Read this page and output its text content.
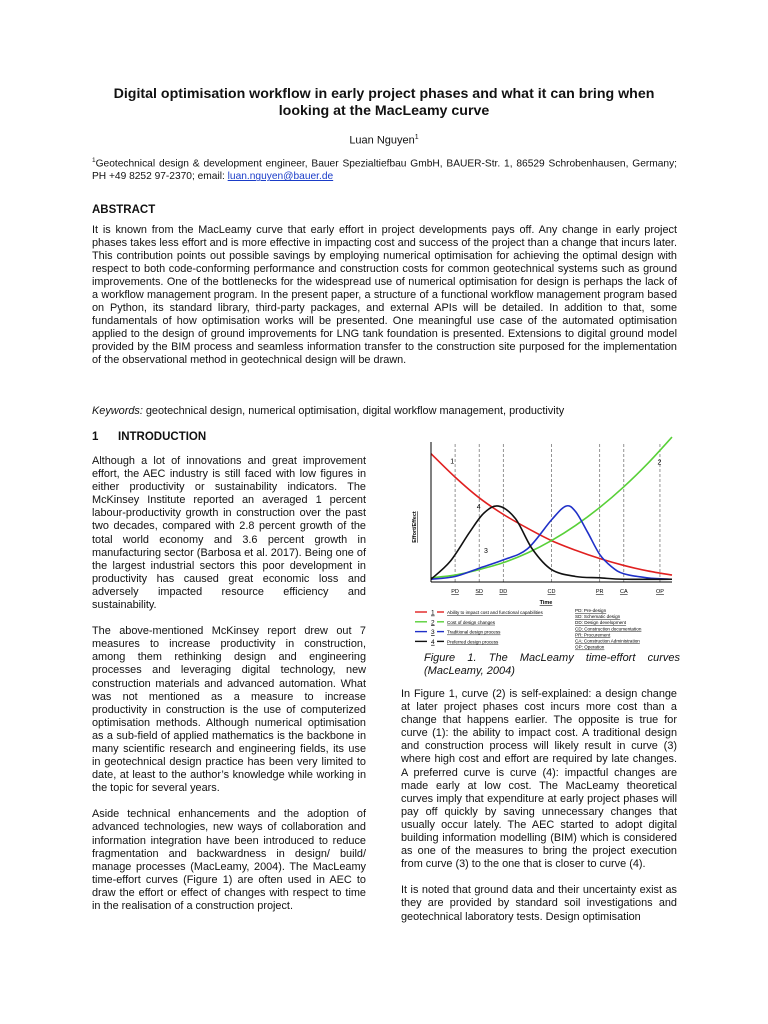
Digital optimisation workflow in early project phases and what it can bring when looking at the MacLeamy curve
Luan Nguyen$^1$
$^1$Geotechnical design & development engineer, Bauer Spezialtiefbau GmbH, BAUER-Str. 1, 86529 Schrobenhausen, Germany; PH +49 8252 97-2370; email: luan.nguyen@bauer.de
ABSTRACT
It is known from the MacLeamy curve that early effort in project developments pays off. Any change in early project phases takes less effort and is more effective in impacting cost and success of the project than a change that incurs later. This contribution points out possible savings by employing numerical optimisation for achieving the optimal design with respect to both code-conforming performance and construction costs for common geotechnical systems such as ground improvements. One of the bottlenecks for the widespread use of numerical optimisation for design is perhaps the lack of a workflow management program. In the present paper, a structure of a functional workflow management program based on Python, its standard library, third-party packages, and external APIs will be detailed. In addition to that, some fundamentals of how optimisation works will be presented. One meaningful use case of the automated optimisation applied to the design of ground improvements for LNG tank foundation is presented. Extensions to digital ground model provided by the BIM process and seamless information transfer to the construction site purposed for the implementation of the observational method in geotechnical design will be drawn.
Keywords: geotechnical design, numerical optimisation, digital workflow management, productivity
1 INTRODUCTION

Although a lot of innovations and great improvement effort, the AEC industry is still faced with low figures in either productivity or sustainability indicators. The McKinsey Institute reported an averaged 1 percent labour-productivity growth in construction over the past two decades, compared with 2.8 percent growth of the total world economy and 3.6 percent growth in manufacturing sector (Barbosa et al. 2017). Being one of the largest industrial sectors this poor development in productivity has caused great economic loss and adversely impacted resource efficiency and sustainability.

The above-mentioned McKinsey report drew out 7 measures to increase productivity in construction, among them rethinking design and engineering processes and leveraging digital technology, new construction materials and advanced automation. What was not mentioned as a measure to increase productivity in construction is the use of computerized optimisation methods. Although numerical optimisation as a sub-field of applied mathematics is the backbone in many scientific research and engineering fields, its use in geotechnical design practice has been very limited to date, at least to the author’s knowledge while working in the topic for several years.

Aside technical enhancements and the adoption of advanced technologies, new ways of collaboration and information integration have been introduced to reduce fragmentation and backwardness in design/ build/ manage processes (MacLeamy, 2004). The MacLeamy time-effort curves (Figure 1) are often used in AEC to draw the effort or effect of changes with respect to time in the realisation of a construction project.

PD	SD	DD	CD	PR	CA	OP
Effort/Effect
Time
1	2
3
4
1	Ability to impact cost and functional capabilities
2	Cost of design changes
3	Traditional design process
4	Preferred design process
PD: Pre-design
SD: Schematic design
DD: Design development
CD: Construction documentation
PR: Procurement
CA: Construction Administration
OP: Operation
Figure 1. The MacLeamy time-effort curves (MacLeamy, 2004)

In Figure 1, curve (2) is self-explained: a design change at later project phases cost incurs more cost than a change that happens earlier. The opposite is true for curve (1): the ability to impact cost. A traditional design and construction process will likely result in curve (3) where high cost and effort are required by late changes. A preferred curve is curve (4): impactful changes are made early at low cost. The MacLeamy theoretical curves imply that expenditure at early project phases will pay off quickly by saving unnecessary changes that usually occur lately. The AEC started to adopt digital building information modelling (BIM) which is considered as one of the measures to bring the project execution from curve (3) to the one that is closer to curve (4).

It is noted that ground data and their uncertainty exist as they are provided by standard soil investigations and geotechnical laboratory tests. Design optimisation
